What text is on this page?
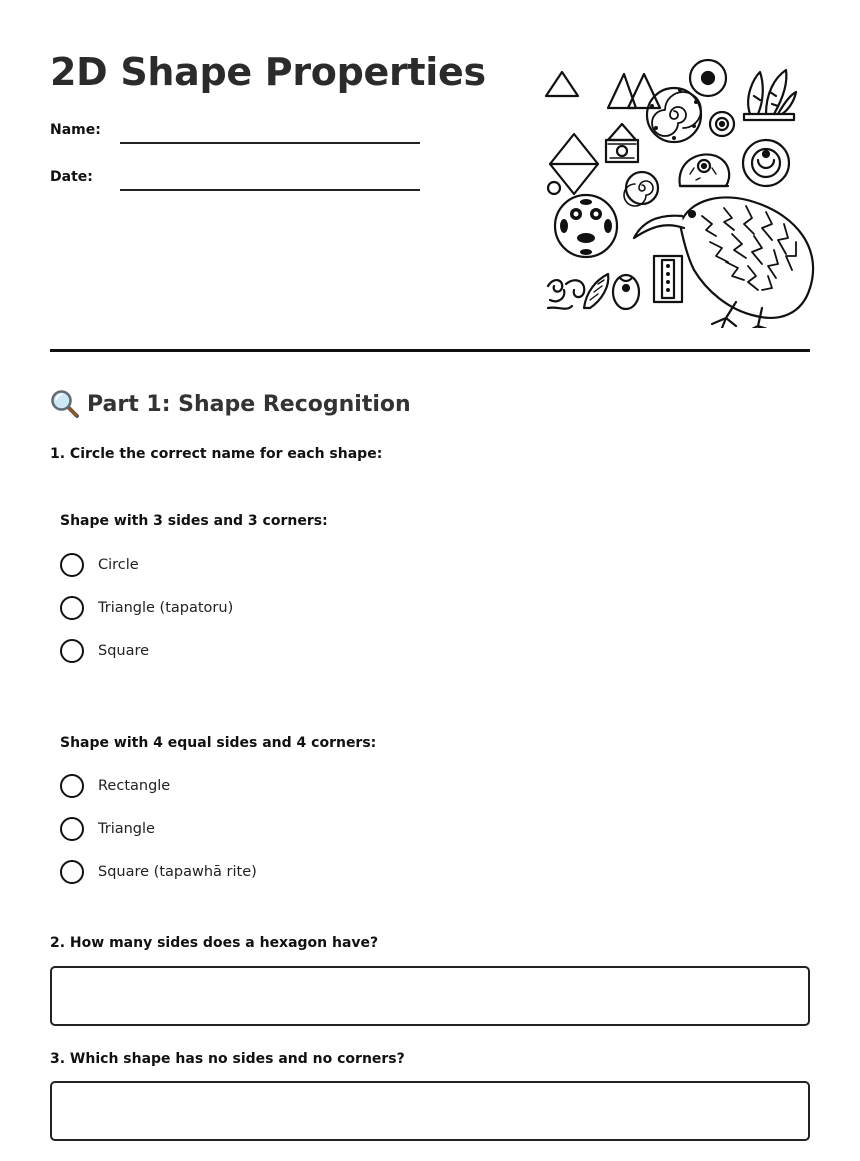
2D Shape Properties
Name:
Date:
Part 1: Shape Recognition
1. Circle the correct name for each shape:
Shape with 3 sides and 3 corners:
Circle
Triangle (tapatoru)
Square
Shape with 4 equal sides and 4 corners:
Rectangle
Triangle
Square (tapawhā rite)
2. How many sides does a hexagon have?
3. Which shape has no sides and no corners?
